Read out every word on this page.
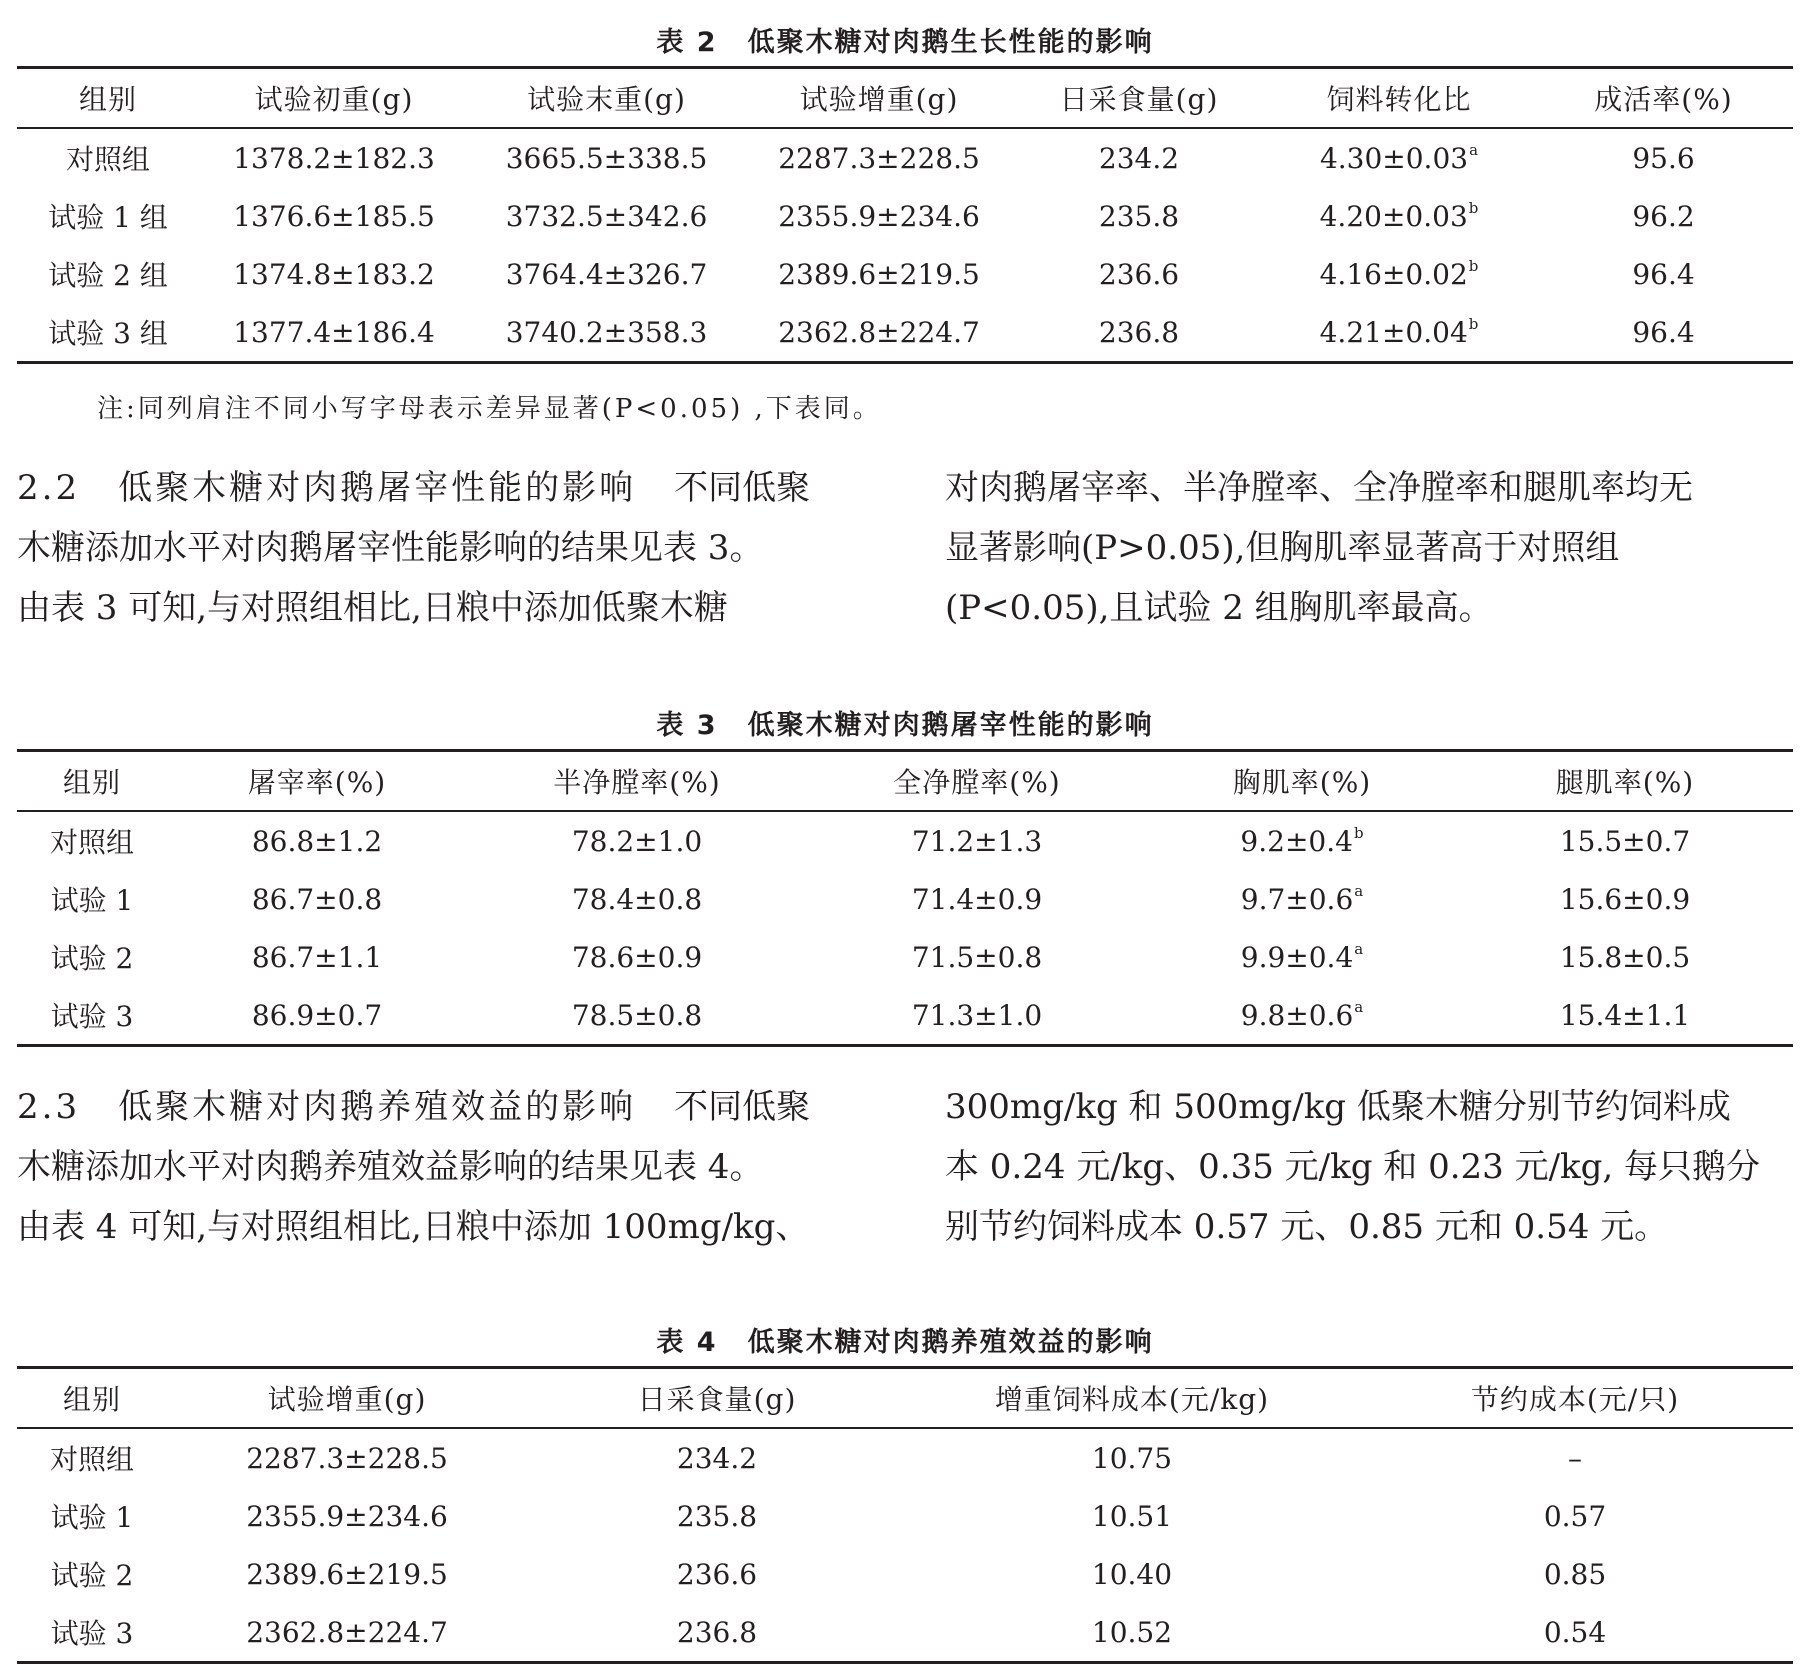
表 2 低聚木糖对肉鹅生长性能的影响
组别	试验初重(g)	试验末重(g)	试验增重(g)	日采食量(g)	饲料转化比	成活率(%)
对照组	1378.2±182.3	3665.5±338.5	2287.3±228.5	234.2	4.30±0.03$^a$	95.6
试验 1 组	1376.6±185.5	3732.5±342.6	2355.9±234.6	235.8	4.20±0.03$^b$	96.2
试验 2 组	1374.8±183.2	3764.4±326.7	2389.6±219.5	236.6	4.16±0.02$^b$	96.4
试验 3 组	1377.4±186.4	3740.2±358.3	2362.8±224.7	236.8	4.21±0.04$^b$	96.4
注:同列肩注不同小写字母表示差异显著(P<0.05) ,下表同。
2.2 低聚木糖对肉鹅屠宰性能的影响 不同低聚
木糖添加水平对肉鹅屠宰性能影响的结果见表 3。
由表 3 可知,与对照组相比,日粮中添加低聚木糖
对肉鹅屠宰率、半净膛率、全净膛率和腿肌率均无
显著影响(P>0.05),但胸肌率显著高于对照组
(P<0.05),且试验 2 组胸肌率最高。
表 3 低聚木糖对肉鹅屠宰性能的影响
组别	屠宰率(%)	半净膛率(%)	全净膛率(%)	胸肌率(%)	腿肌率(%)
对照组	86.8±1.2	78.2±1.0	71.2±1.3	9.2±0.4$^b$	15.5±0.7
试验 1	86.7±0.8	78.4±0.8	71.4±0.9	9.7±0.6$^a$	15.6±0.9
试验 2	86.7±1.1	78.6±0.9	71.5±0.8	9.9±0.4$^a$	15.8±0.5
试验 3	86.9±0.7	78.5±0.8	71.3±1.0	9.8±0.6$^a$	15.4±1.1
2.3 低聚木糖对肉鹅养殖效益的影响 不同低聚
木糖添加水平对肉鹅养殖效益影响的结果见表 4。
由表 4 可知,与对照组相比,日粮中添加 100mg/kg、
300mg/kg 和 500mg/kg 低聚木糖分别节约饲料成
本 0.24 元/kg、0.35 元/kg 和 0.23 元/kg, 每只鹅分
别节约饲料成本 0.57 元、0.85 元和 0.54 元。
表 4 低聚木糖对肉鹅养殖效益的影响
组别	试验增重(g)	日采食量(g)	增重饲料成本(元/kg)	节约成本(元/只)
对照组	2287.3±228.5	234.2	10.75	–
试验 1	2355.9±234.6	235.8	10.51	0.57
试验 2	2389.6±219.5	236.6	10.40	0.85
试验 3	2362.8±224.7	236.8	10.52	0.54
